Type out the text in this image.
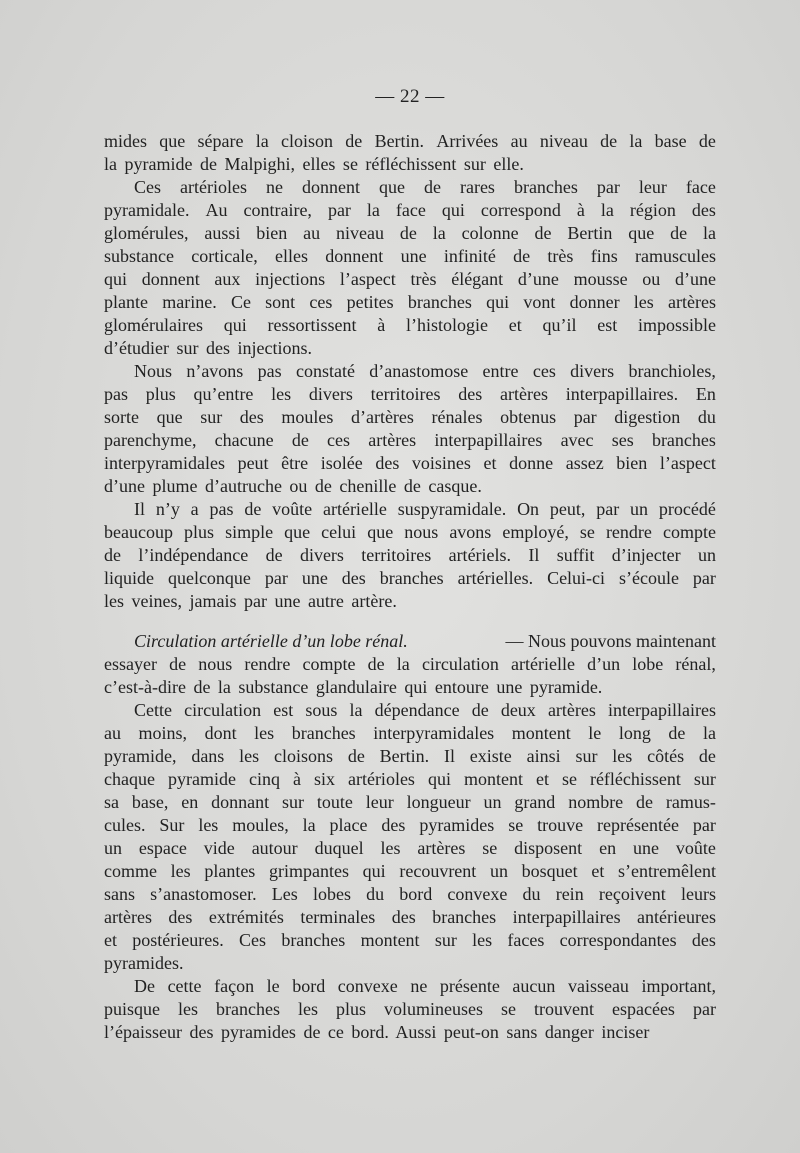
— 22 —
mides que sépare la cloison de Bertin. Arrivées au niveau de la base de
la pyramide de Malpighi, elles se réfléchissent sur elle.
Ces artérioles ne donnent que de rares branches par leur face
pyramidale. Au contraire, par la face qui correspond à la région des
glomérules, aussi bien au niveau de la colonne de Bertin que de la
substance corticale, elles donnent une infinité de très fins ramuscules
qui donnent aux injections l’aspect très élégant d’une mousse ou d’une
plante marine. Ce sont ces petites branches qui vont donner les artères
glomérulaires qui ressortissent à l’histologie et qu’il est impossible
d’étudier sur des injections.
Nous n’avons pas constaté d’anastomose entre ces divers branchioles,
pas plus qu’entre les divers territoires des artères interpapillaires. En
sorte que sur des moules d’artères rénales obtenus par digestion du
parenchyme, chacune de ces artères interpapillaires avec ses branches
interpyramidales peut être isolée des voisines et donne assez bien l’aspect
d’une plume d’autruche ou de chenille de casque.
Il n’y a pas de voûte artérielle suspyramidale. On peut, par un procédé
beaucoup plus simple que celui que nous avons employé, se rendre compte
de l’indépendance de divers territoires artériels. Il suffit d’injecter un
liquide quelconque par une des branches artérielles. Celui-ci s’écoule par
les veines, jamais par une autre artère.
Circulation artérielle d’un lobe rénal.	— Nous pouvons maintenant
essayer de nous rendre compte de la circulation artérielle d’un lobe rénal,
c’est-à-dire de la substance glandulaire qui entoure une pyramide.
Cette circulation est sous la dépendance de deux artères interpapillaires
au moins, dont les branches interpyramidales montent le long de la
pyramide, dans les cloisons de Bertin. Il existe ainsi sur les côtés de
chaque pyramide cinq à six artérioles qui montent et se réfléchissent sur
sa base, en donnant sur toute leur longueur un grand nombre de ramus-
cules. Sur les moules, la place des pyramides se trouve représentée par
un espace vide autour duquel les artères se disposent en une voûte
comme les plantes grimpantes qui recouvrent un bosquet et s’entremêlent
sans s’anastomoser. Les lobes du bord convexe du rein reçoivent leurs
artères des extrémités terminales des branches interpapillaires antérieures
et postérieures. Ces branches montent sur les faces correspondantes des
pyramides.
De cette façon le bord convexe ne présente aucun vaisseau important,
puisque les branches les plus volumineuses se trouvent espacées par
l’épaisseur des pyramides de ce bord. Aussi peut-on sans danger inciser
